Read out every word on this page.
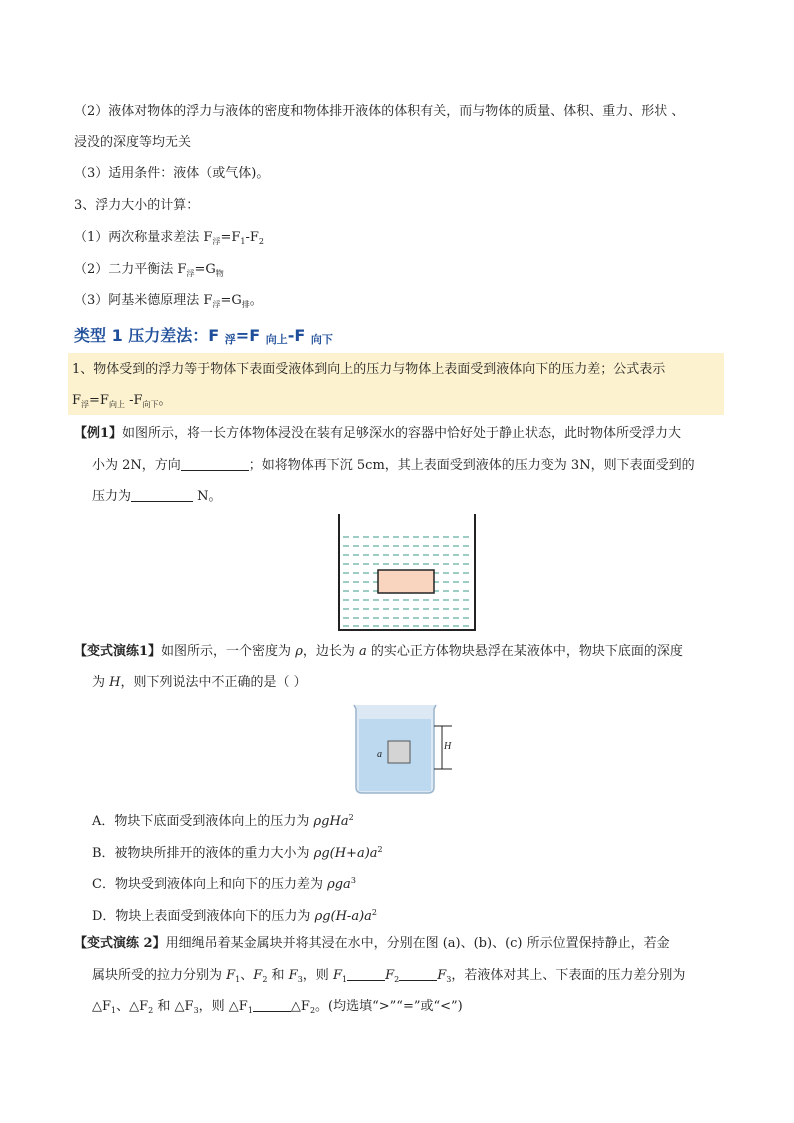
（2）液体对物体的浮力与液体的密度和物体排开液体的体积有关，而与物体的质量、体积、重力、形状 、
浸没的深度等均无关
（3）适用条件：液体（或气体)。
3、浮力大小的计算：
（1）两次称量求差法 $F_浮=F_1-F_2$
（2）二力平衡法 $F_浮=G_物$
（3）阿基米德原理法 $F_浮=G_排$。
类型 1 压力差法：F $_浮$=F $_{向上}$-F $_{向下}$
1、物体受到的浮力等于物体下表面受液体到向上的压力与物体上表面受到液体向下的压力差；公式表示
$F_浮=F_{向上}$ $-F_{向下}$。
【例1】如图所示，将一长方体物体浸没在装有足够深水的容器中恰好处于静止状态，此时物体所受浮力大
小为 2N，方向	；如将物体再下沉 5cm，其上表面受到液体的压力变为 3N，则下表面受到的
压力为	N。
【变式演练1】如图所示，一个密度为 ρ，边长为 a 的实心正方体物块悬浮在某液体中，物块下底面的深度
为 H，则下列说法中不正确的是（ ）
a
H
A．物块下底面受到液体向上的压力为 ρgHa$^2$
B．被物块所排开的液体的重力大小为 $\rho g(H+a)a^2$
C．物块受到液体向上和向下的压力差为 ρga$^3$
D．物块上表面受到液体向下的压力为 $\rho g(H-a)a^2$
【变式演练 2】用细绳吊着某金属块并将其浸在水中，分别在图 (a)、(b)、(c) 所示位置保持静止，若金
属块所受的拉力分别为 $F_1$、$F_2$ 和 $F_3$，则 $F_1$	$F_2$	$F_3$，若液体对其上、下表面的压力差分别为
$\triangle F_1$、$\triangle F_2$ 和 $\triangle F_3$，则 $\triangle F_1$	$\triangle F_2$。(均选填“>”“=”或“<”)
